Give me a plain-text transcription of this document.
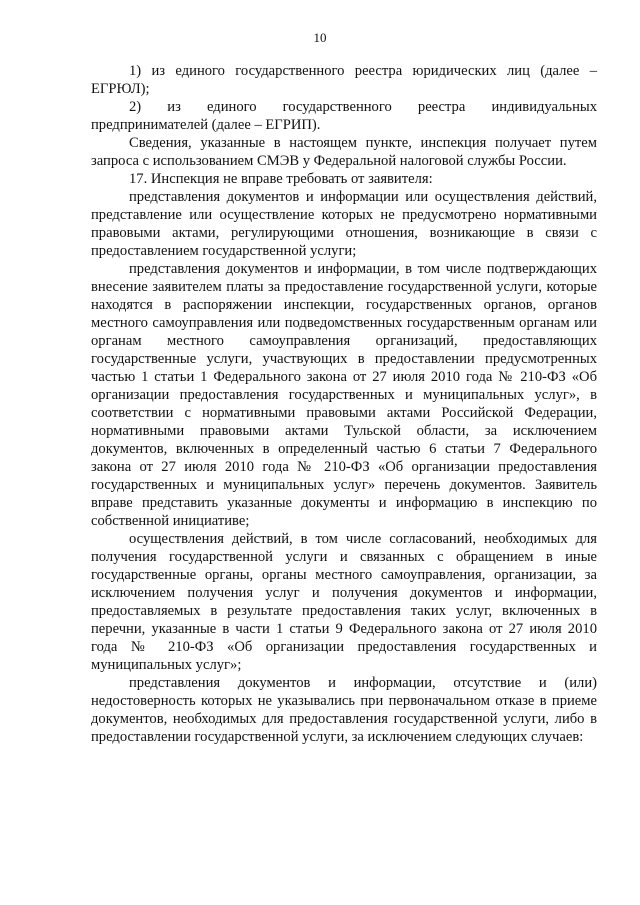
10

1) из единого государственного реестра юридических лиц (далее – ЕГРЮЛ);

2) из единого государственного реестра индивидуальных предпринимателей (далее – ЕГРИП).

Сведения, указанные в настоящем пункте, инспекция получает путем запроса с использованием СМЭВ у Федеральной налоговой службы России.

17. Инспекция не вправе требовать от заявителя:

представления документов и информации или осуществления действий, представление или осуществление которых не предусмотрено нормативными правовыми актами, регулирующими отношения, возникающие в связи с предоставлением государственной услуги;

представления документов и информации, в том числе подтверждающих внесение заявителем платы за предоставление государственной услуги, которые находятся в распоряжении инспекции, государственных органов, органов местного самоуправления или подведомственных государственным органам или органам местного самоуправления организаций, предоставляющих государственные услуги, участвующих в предоставлении предусмотренных частью 1 статьи 1 Федерального закона от 27 июля 2010 года № 210-ФЗ «Об организации предоставления государственных и муниципальных услуг», в соответствии с нормативными правовыми актами Российской Федерации, нормативными правовыми актами Тульской области, за исключением документов, включенных в определенный частью 6 статьи 7 Федерального закона от 27 июля 2010 года № 210-ФЗ «Об организации предоставления государственных и муниципальных услуг» перечень документов. Заявитель вправе представить указанные документы и информацию в инспекцию по собственной инициативе;

осуществления действий, в том числе согласований, необходимых для получения государственной услуги и связанных с обращением в иные государственные органы, органы местного самоуправления, организации, за исключением получения услуг и получения документов и информации, предоставляемых в результате предоставления таких услуг, включенных в перечни, указанные в части 1 статьи 9 Федерального закона от 27 июля 2010 года № 210-ФЗ «Об организации предоставления государственных и муниципальных услуг»;

представления документов и информации, отсутствие и (или) недостоверность которых не указывались при первоначальном отказе в приеме документов, необходимых для предоставления государственной услуги, либо в предоставлении государственной услуги, за исключением следующих случаев:
